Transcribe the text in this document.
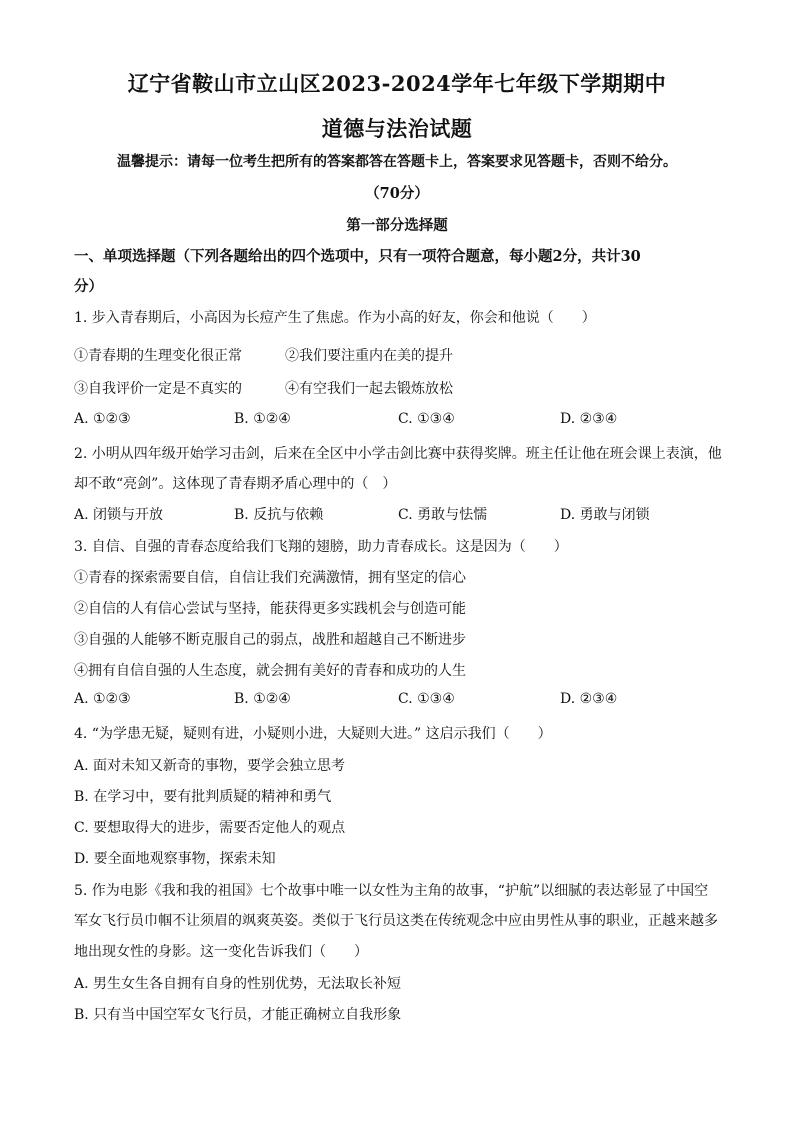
辽宁省鞍山市立山区2023-2024学年七年级下学期期中
道德与法治试题
温馨提示：请每一位考生把所有的答案都答在答题卡上，答案要求见答题卡，否则不给分。
（70分）
第一部分选择题
一、单项选择题（下列各题给出的四个选项中，只有一项符合题意，每小题2分，共计30
分）
1. 步入青春期后，小高因为长痘产生了焦虑。作为小高的好友，你会和他说（　　）
①青春期的生理变化很正常	②我们要注重内在美的提升
③自我评价一定是不真实的	④有空我们一起去锻炼放松
A. ①②③	B. ①②④	C. ①③④	D. ②③④
2. 小明从四年级开始学习击剑，后来在全区中小学击剑比赛中获得奖牌。班主任让他在班会课上表演，他
却不敢“亮剑”。这体现了青春期矛盾心理中的（　）
A. 闭锁与开放	B. 反抗与依赖	C. 勇敢与怯懦	D. 勇敢与闭锁
3. 自信、自强的青春态度给我们飞翔的翅膀，助力青春成长。这是因为（　　）
①青春的探索需要自信，自信让我们充满激情，拥有坚定的信心
②自信的人有信心尝试与坚持，能获得更多实践机会与创造可能
③自强的人能够不断克服自己的弱点，战胜和超越自己不断进步
④拥有自信自强的人生态度，就会拥有美好的青春和成功的人生
A. ①②③	B. ①②④	C. ①③④	D. ②③④
4. “为学患无疑，疑则有进，小疑则小进，大疑则大进。” 这启示我们（　　）
A. 面对未知又新奇的事物，要学会独立思考
B. 在学习中，要有批判质疑的精神和勇气
C. 要想取得大的进步，需要否定他人的观点
D. 要全面地观察事物，探索未知
5. 作为电影《我和我的祖国》七个故事中唯一以女性为主角的故事，“护航”以细腻的表达彰显了中国空
军女飞行员巾帼不让须眉的飒爽英姿。类似于飞行员这类在传统观念中应由男性从事的职业，正越来越多
地出现女性的身影。这一变化告诉我们（　　）
A. 男生女生各自拥有自身的性别优势，无法取长补短
B. 只有当中国空军女飞行员，才能正确树立自我形象
